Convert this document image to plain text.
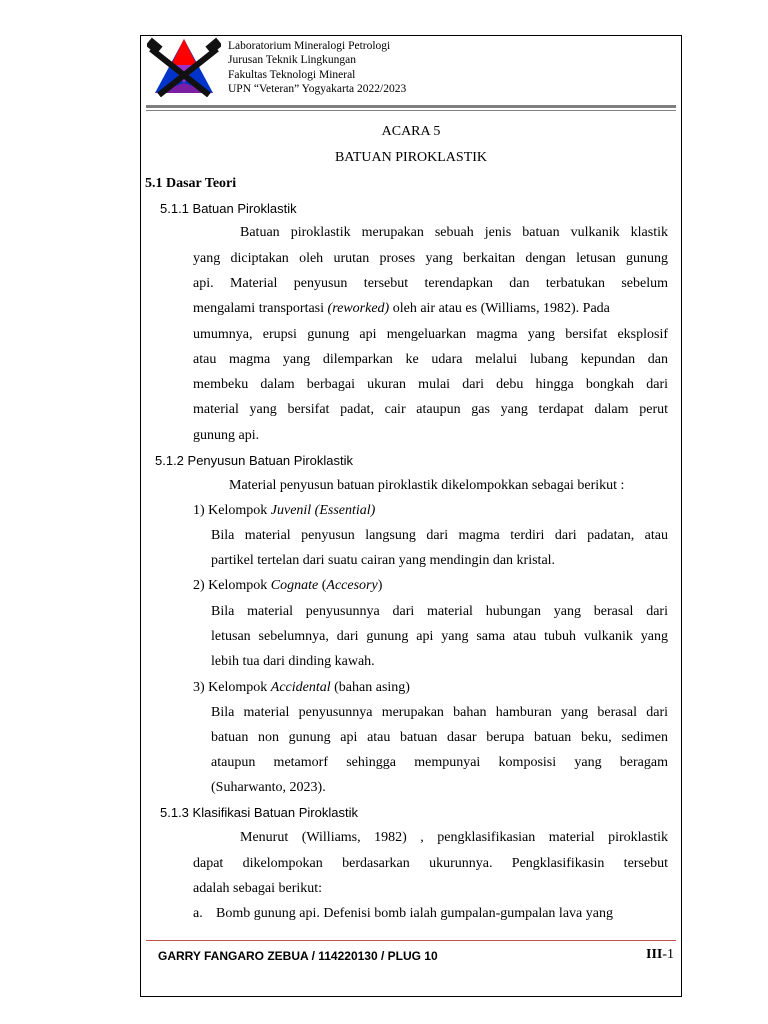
Laboratorium Mineralogi Petrologi
Jurusan Teknik Lingkungan
Fakultas Teknologi Mineral
UPN “Veteran” Yogyakarta 2022/2023
ACARA 5
BATUAN PIROKLASTIK
5.1 Dasar Teori
5.1.1 Batuan Piroklastik
Batuan piroklastik merupakan sebuah jenis batuan vulkanik klastik
yang diciptakan oleh urutan proses yang berkaitan dengan letusan gunung
api. Material penyusun tersebut terendapkan dan terbatukan sebelum
mengalami transportasi (reworked) oleh air atau es (Williams, 1982). Pada
umumnya, erupsi gunung api mengeluarkan magma yang bersifat eksplosif
atau magma yang dilemparkan ke udara melalui lubang kepundan dan
membeku dalam berbagai ukuran mulai dari debu hingga bongkah dari
material yang bersifat padat, cair ataupun gas yang terdapat dalam perut
gunung api.
5.1.2 Penyusun Batuan Piroklastik
Material penyusun batuan piroklastik dikelompokkan sebagai berikut :
1) Kelompok Juvenil (Essential)
Bila material penyusun langsung dari magma terdiri dari padatan, atau
partikel tertelan dari suatu cairan yang mendingin dan kristal.
2) Kelompok Cognate (Accesory)
Bila material penyusunnya dari material hubungan yang berasal dari
letusan sebelumnya, dari gunung api yang sama atau tubuh vulkanik yang
lebih tua dari dinding kawah.
3) Kelompok Accidental (bahan asing)
Bila material penyusunnya merupakan bahan hamburan yang berasal dari
batuan non gunung api atau batuan dasar berupa batuan beku, sedimen
ataupun metamorf sehingga mempunyai komposisi yang beragam
(Suharwanto, 2023).
5.1.3 Klasifikasi Batuan Piroklastik
Menurut (Williams, 1982) , pengklasifikasian material piroklastik
dapat dikelompokan berdasarkan ukurunnya. Pengklasifikasin tersebut
adalah sebagai berikut:
a. Bomb gunung api. Defenisi bomb ialah gumpalan-gumpalan lava yang
GARRY FANGARO ZEBUA / 114220130 / PLUG 10	III-1
